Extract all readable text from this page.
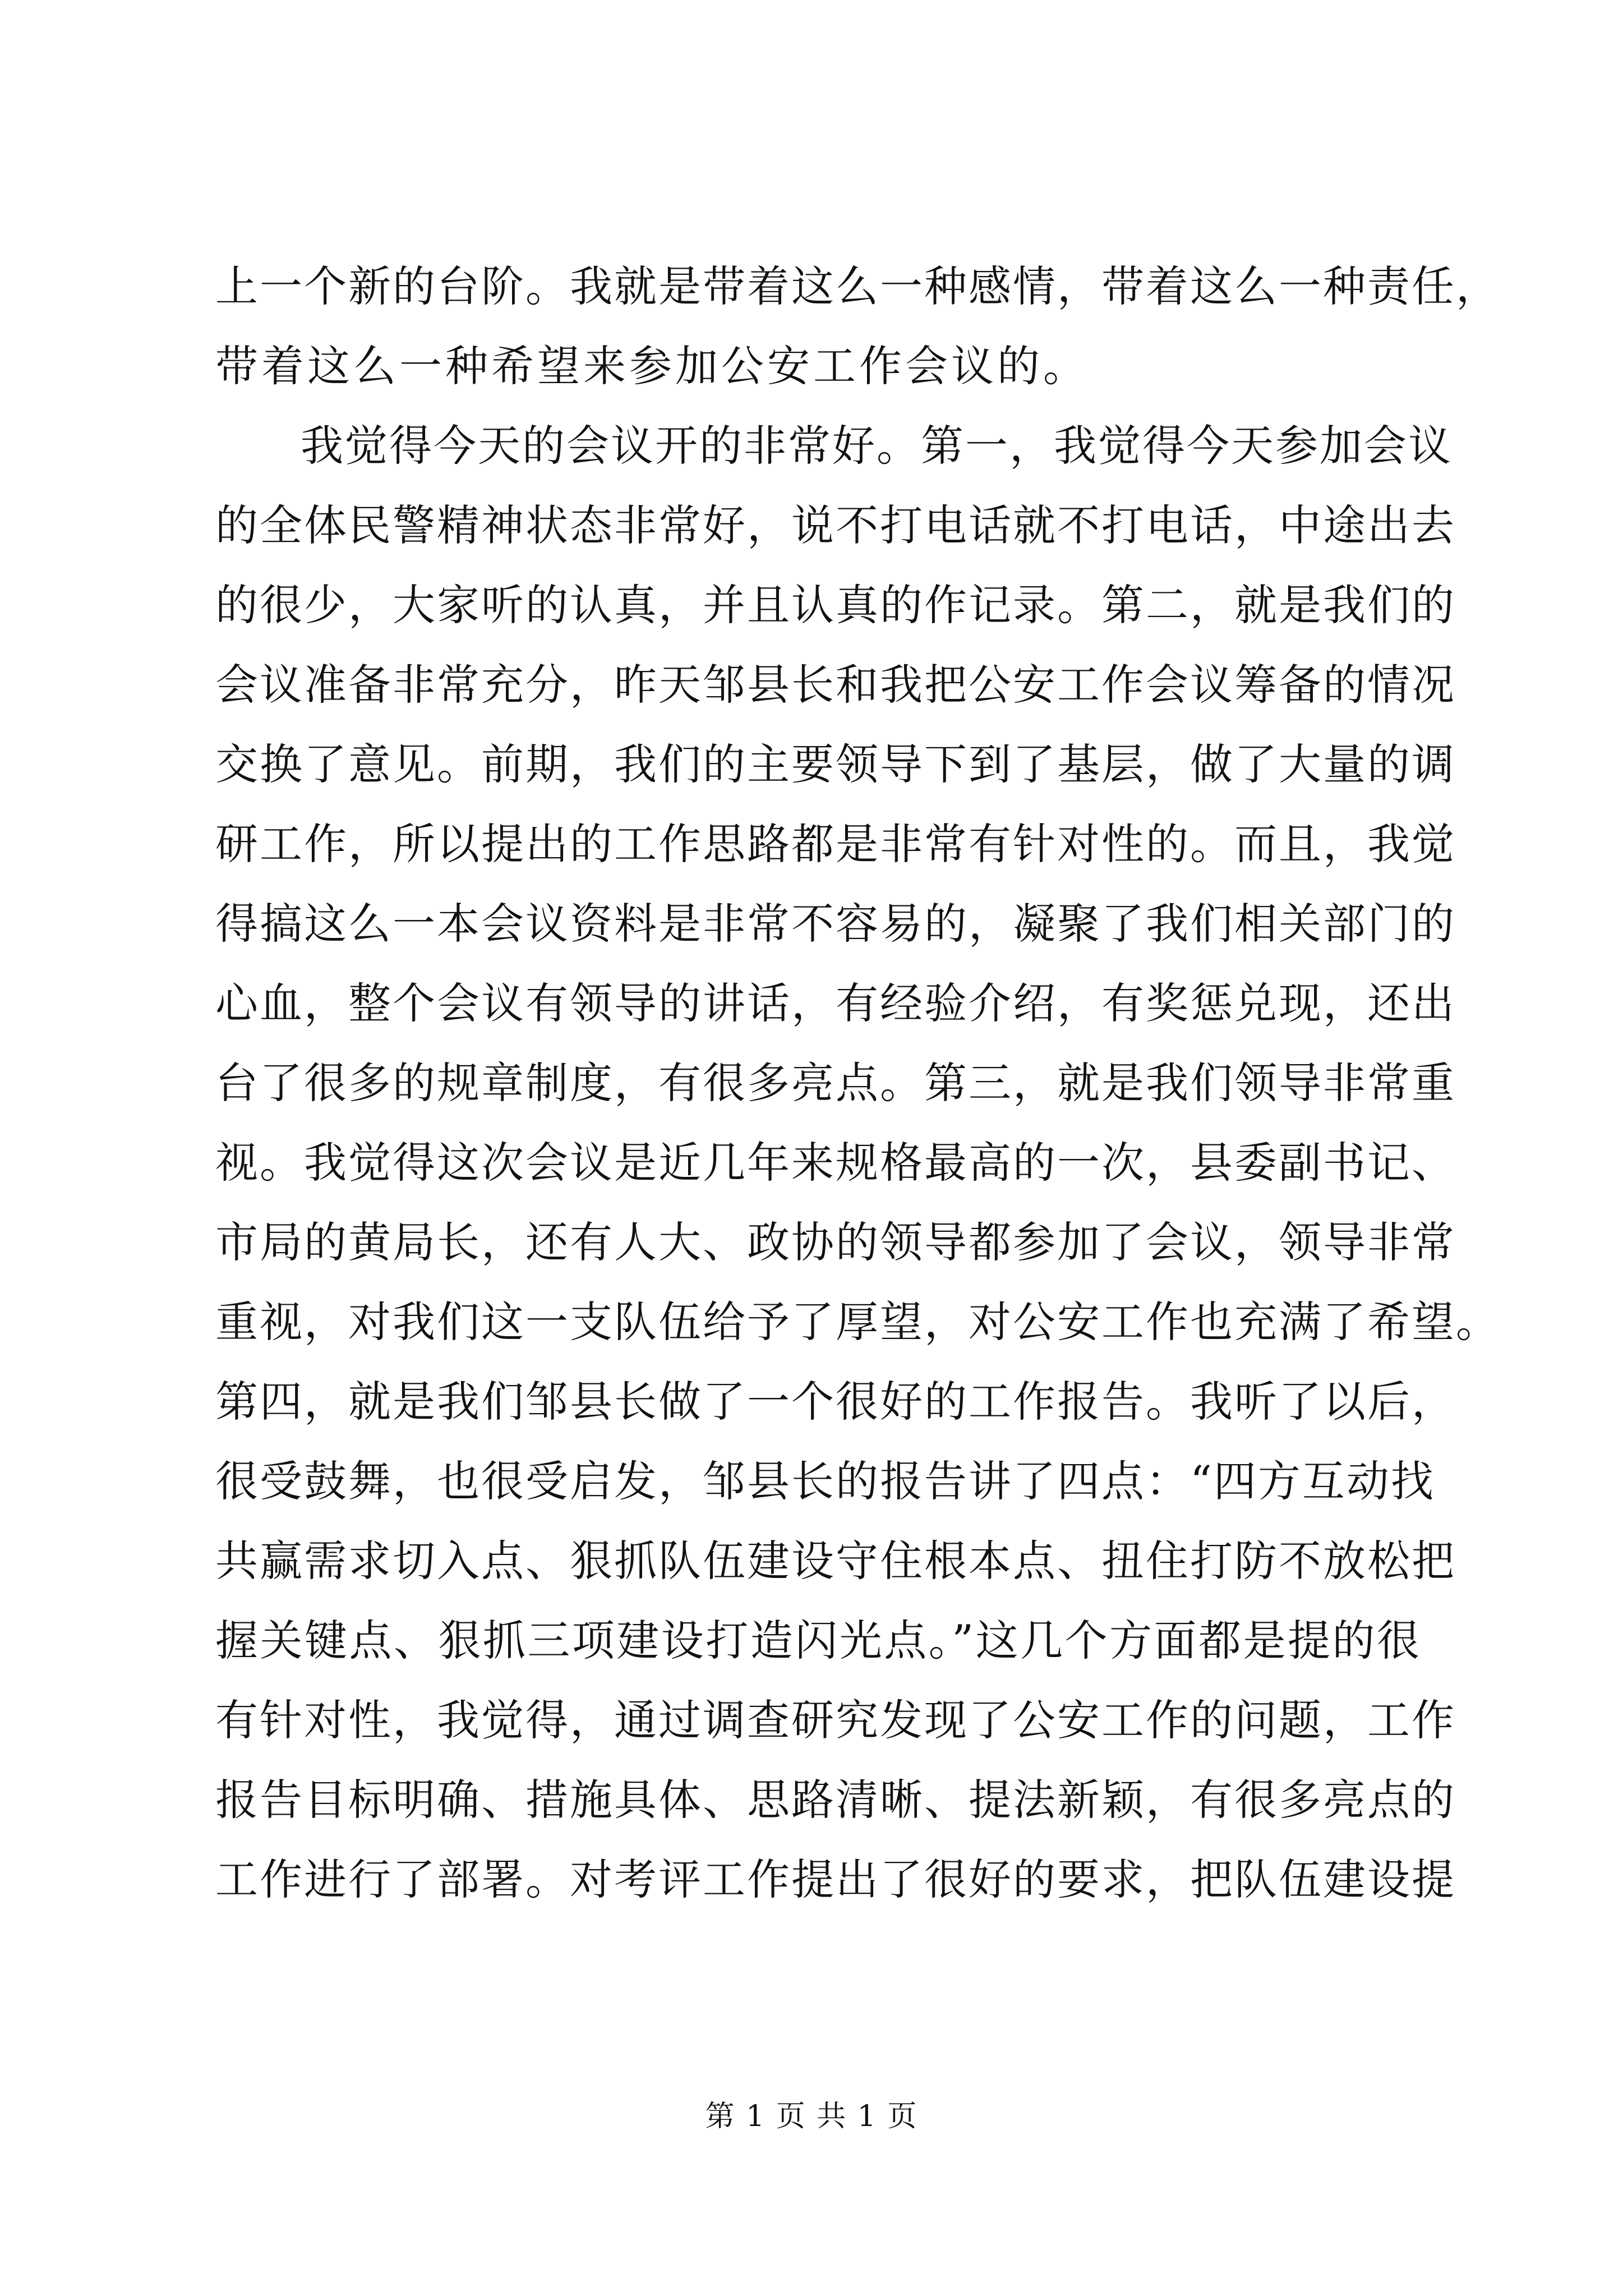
上一个新的台阶。我就是带着这么一种感情，带着这么一种责任，
带着这么一种希望来参加公安工作会议的。
我觉得今天的会议开的非常好。第一，我觉得今天参加会议
的全体民警精神状态非常好，说不打电话就不打电话，中途出去
的很少，大家听的认真，并且认真的作记录。第二，就是我们的
会议准备非常充分，昨天邹县长和我把公安工作会议筹备的情况
交换了意见。前期，我们的主要领导下到了基层，做了大量的调
研工作，所以提出的工作思路都是非常有针对性的。而且，我觉
得搞这么一本会议资料是非常不容易的，凝聚了我们相关部门的
心血，整个会议有领导的讲话，有经验介绍，有奖惩兑现，还出
台了很多的规章制度，有很多亮点。第三，就是我们领导非常重
视。我觉得这次会议是近几年来规格最高的一次，县委副书记、
市局的黄局长，还有人大、政协的领导都参加了会议，领导非常
重视，对我们这一支队伍给予了厚望，对公安工作也充满了希望。
第四，就是我们邹县长做了一个很好的工作报告。我听了以后，
很受鼓舞，也很受启发，邹县长的报告讲了四点：“四方互动找
共赢需求切入点、狠抓队伍建设守住根本点、扭住打防不放松把
握关键点、狠抓三项建设打造闪光点。”这几个方面都是提的很
有针对性，我觉得，通过调查研究发现了公安工作的问题，工作
报告目标明确、措施具体、思路清晰、提法新颖，有很多亮点的
工作进行了部署。对考评工作提出了很好的要求，把队伍建设提
第 1 页 共 1 页
